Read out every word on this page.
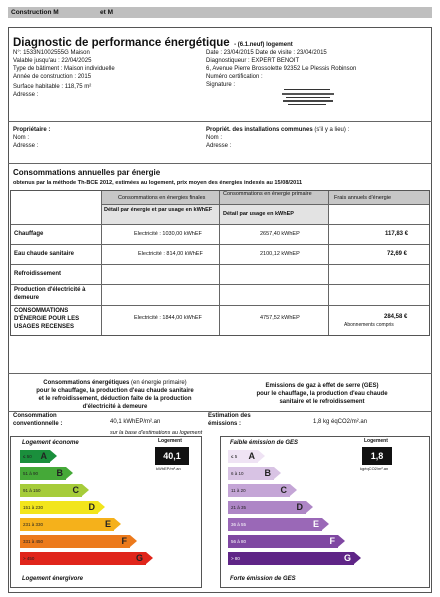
Construction M	et M
Diagnostic de performance énergétique - (6.1.neuf) logement
N°: 1533N1002555G Maison
Valable jusqu'au : 22/04/2025
Type de bâtiment : Maison individuelle
Année de construction : 2015
Surface habitable : 118,75 m²
Adresse :
Date : 23/04/2015 Date de visite : 23/04/2015
Diagnostiqueur : EXPERT BENOIT
6, Avenue Pierre Brossolette 92352 Le Plessis Robinson
Numéro certification :
Signature :
Propriétaire :
Nom :
Adresse :
Propriét. des installations communes (s'il y a lieu) :
Nom :
Adresse :
Consommations annuelles par énergie
obtenus par la méthode Th-BCE 2012, estimées au logement, prix moyen des énergies indexés au 15/08/2011
Consommations en énergies finales
Consommations en énergie primaire
Frais annuels d'énergie
Détail par énergie et par usage en kWhEF
Détail par usage en kWhEP
Chauffage	Electricité : 1030,00 kWhEF	2657,40 kWhEP	117,83 €
Eau chaude sanitaire	Electricité : 814,00 kWhEF	2100,12 kWhEP	72,69 €
Refroidissement
Production d'électricité à demeure
CONSOMMATIONS D'ÉNERGIE POUR LES USAGES RECENSES
Electricité : 1844,00 kWhEF	4757,52 kWhEP	284,58 €
Abonnements compris
Consommations énergétiques (en énergie primaire)
pour le chauffage, la production d'eau chaude sanitaire
et le refroidissement, déduction faite de la production
d'électricité à demeure
Emissions de gaz à effet de serre (GES)
pour le chauffage, la production d'eau chaude
sanitaire et le refroidissement
Consommation conventionnelle :	40,1 kWhEP/m².an
Estimation des émissions :	1,8 kg éqCO2/m².an
sur la base d'estimations au logement
Logement économe
Logement énergivore
≤ 50 A
51 à 90 B
91 à 150	C
151 à 230	D
231 à 330	E
331 à 450	F
> 450	G
Logement
40,1
kWhEP/m².an
Faible émission de GES
Forte émission de GES
≤ 5 A
6 à 10 B
11 à 20	C
21 à 35	D
36 à 55	E
56 à 80	F
> 80	G
Logement
1,8
kgéqCO2/m².an
